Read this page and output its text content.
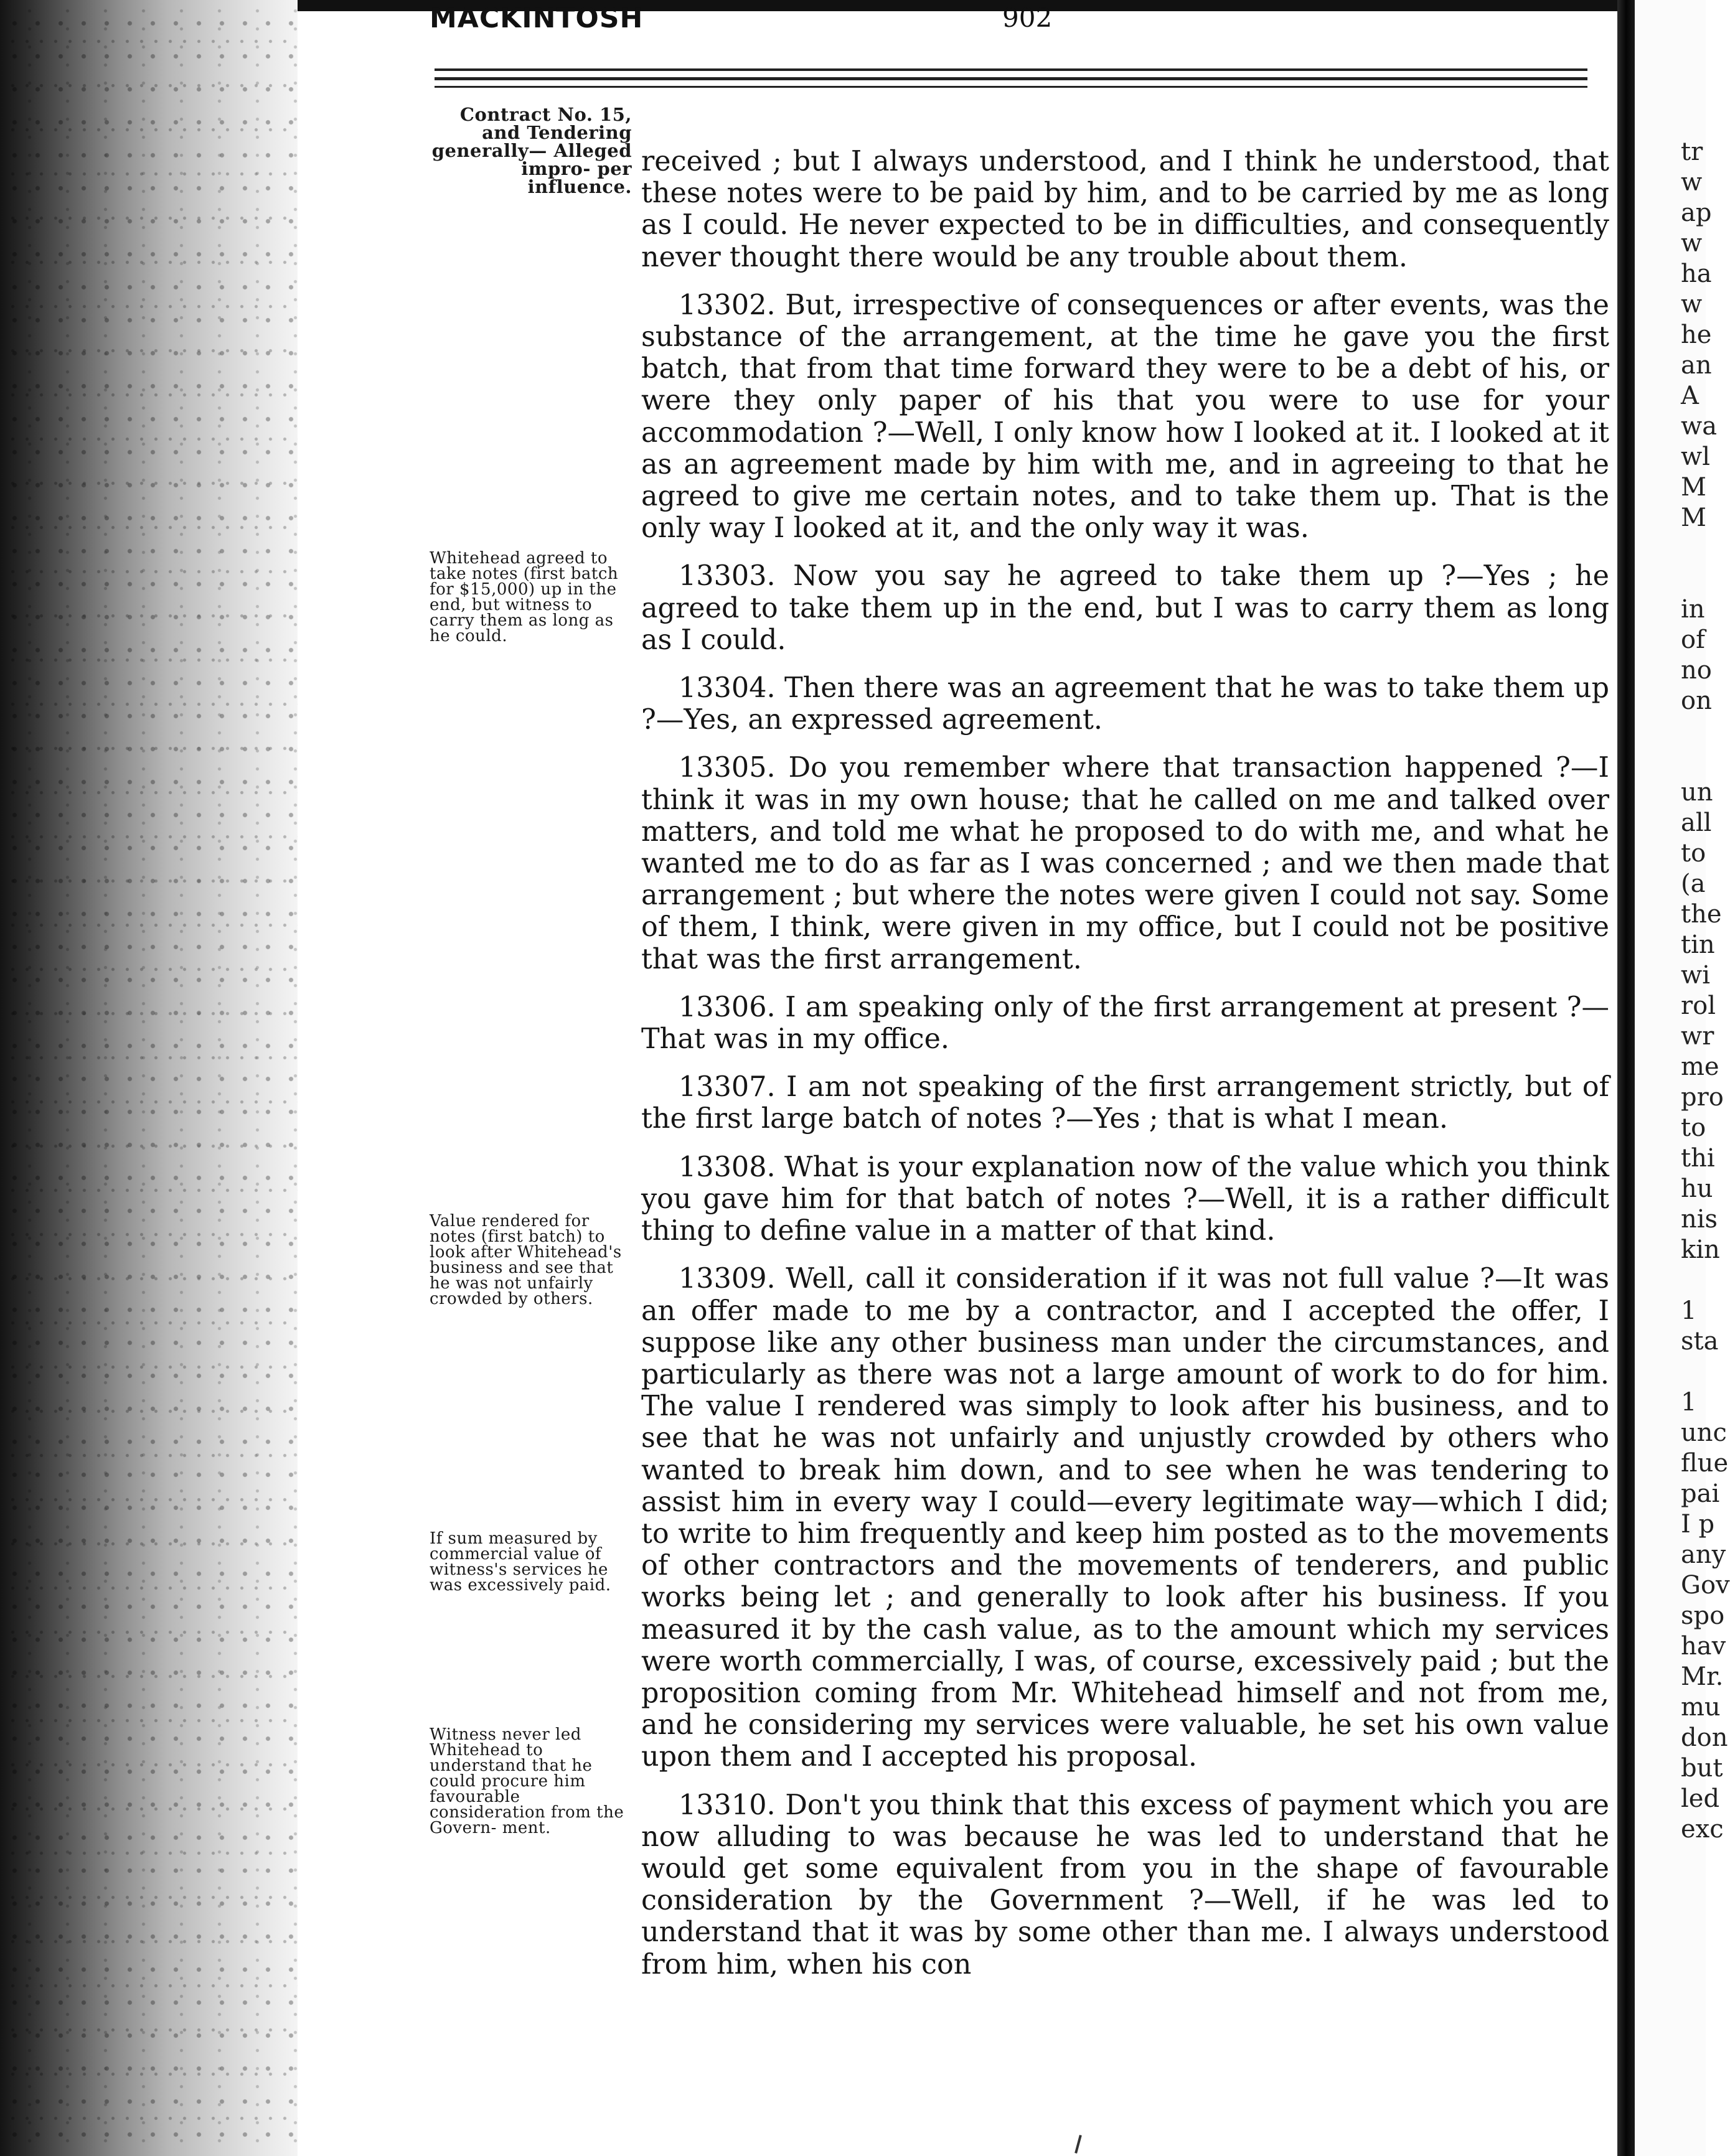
MACKINTOSH	902
Contract No. 15, and Tendering generally— Alleged impro- per influence.
Whitehead agreed to take notes (first batch for $15,000) up in the end, but witness to carry them as long as he could.
Value rendered for notes (first batch) to look after Whitehead's business and see that he was not unfairly crowded by others.
If sum measured by commercial value of witness's services he was excessively paid.
Witness never led Whitehead to understand that he could procure him favourable consideration from the Govern- ment.

received ; but I always understood, and I think he understood, that these notes were to be paid by him, and to be carried by me as long as I could. He never expected to be in difficulties, and consequently never thought there would be any trouble about them.

13302. But, irrespective of consequences or after events, was the substance of the arrangement, at the time he gave you the first batch, that from that time forward they were to be a debt of his, or were they only paper of his that you were to use for your accommodation ?—Well, I only know how I looked at it. I looked at it as an agreement made by him with me, and in agreeing to that he agreed to give me certain notes, and to take them up. That is the only way I looked at it, and the only way it was.

13303. Now you say he agreed to take them up ?—Yes ; he agreed to take them up in the end, but I was to carry them as long as I could.

13304. Then there was an agreement that he was to take them up ?—Yes, an expressed agreement.

13305. Do you remember where that transaction happened ?—I think it was in my own house; that he called on me and talked over matters, and told me what he proposed to do with me, and what he wanted me to do as far as I was concerned ; and we then made that arrangement ; but where the notes were given I could not say. Some of them, I think, were given in my office, but I could not be positive that was the first arrangement.

13306. I am speaking only of the first arrangement at present ?—That was in my office.

13307. I am not speaking of the first arrangement strictly, but of the first large batch of notes ?—Yes ; that is what I mean.

13308. What is your explanation now of the value which you think you gave him for that batch of notes ?—Well, it is a rather difficult thing to define value in a matter of that kind.

13309. Well, call it consideration if it was not full value ?—It was an offer made to me by a contractor, and I accepted the offer, I suppose like any other business man under the circumstances, and particularly as there was not a large amount of work to do for him. The value I rendered was simply to look after his business, and to see that he was not unfairly and unjustly crowded by others who wanted to break him down, and to see when he was tendering to assist him in every way I could—every legitimate way—which I did; to write to him frequently and keep him posted as to the movements of other contractors and the movements of tenderers, and public works being let ; and generally to look after his business. If you measured it by the cash value, as to the amount which my services were worth commercially, I was, of course, excessively paid ; but the proposition coming from Mr. Whitehead himself and not from me, and he considering my services were valuable, he set his own value upon them and I accepted his proposal.

13310. Don't you think that this excess of payment which you are now alluding to was because he was led to understand that he would get some equivalent from you in the shape of favourable consideration by the Government ?—Well, if he was led to understand that it was by some other than me. I always understood from him, when his con

tr
w
ap
w
ha
w
he
an
A
wa
wl
M
M

in
of
no
on

un
all
to
(a
the
tin
wi
rol
wr
me
pro
to
thi
hu
nis
kin

1
sta

1
unc
flue
pai
I p
any
Gov
spo
hav
Mr.
mu
don
but
led
exc
